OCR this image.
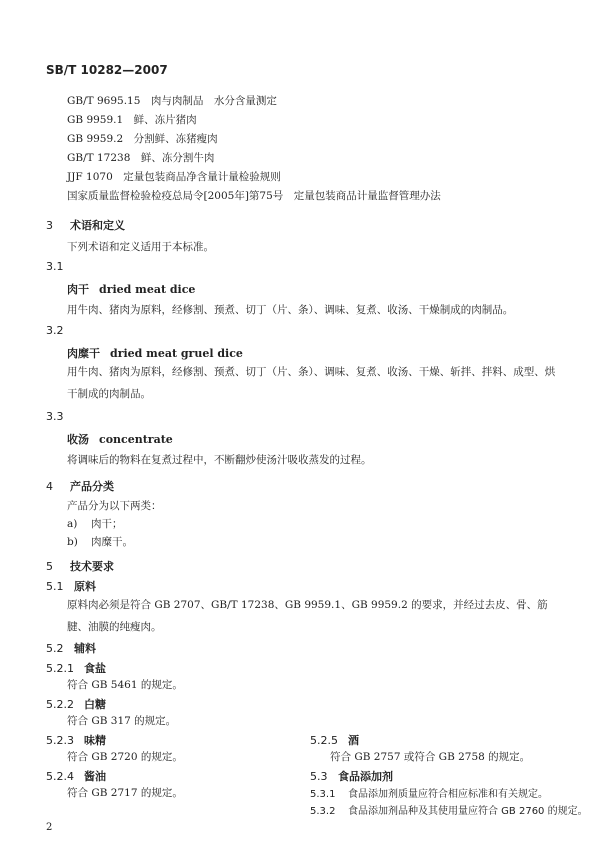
SB/T 10282—2007
GB/T 9695.15　肉与肉制品　水分含量测定
GB 9959.1　鲜、冻片猪肉
GB 9959.2　分割鲜、冻猪瘦肉
GB/T 17238　鲜、冻分割牛肉
JJF 1070　定量包装商品净含量计量检验规则
国家质量监督检验检疫总局令[2005年]第75号　定量包装商品计量监督管理办法
3 术语和定义
下列术语和定义适用于本标准。
3.1
肉干 dried meat dice
用牛肉、猪肉为原料，经修割、预煮、切丁（片、条）、调味、复煮、收汤、干燥制成的肉制品。
3.2
肉糜干 dried meat gruel dice
用牛肉、猪肉为原料，经修割、预煮、切丁（片、条）、调味、复煮、收汤、干燥、斩拌、拌料、成型、烘干制成的肉制品。
3.3
收汤 concentrate
将调味后的物料在复煮过程中，不断翻炒使汤汁吸收蒸发的过程。
4 产品分类
产品分为以下两类：
a) 肉干；
b) 肉糜干。
5 技术要求
5.1 原料
原料肉必须是符合 GB 2707、GB/T 17238、GB 9959.1、GB 9959.2 的要求，并经过去皮、骨、筋腱、油膜的纯瘦肉。
5.2 辅料
5.2.1 食盐
符合 GB 5461 的规定。
5.2.2 白糖
符合 GB 317 的规定。
5.2.3 味精
符合 GB 2720 的规定。
5.2.4 酱油
符合 GB 2717 的规定。
5.2.5 酒
符合 GB 2757 或符合 GB 2758 的规定。
5.3 食品添加剂
5.3.1 食品添加剂质量应符合相应标准和有关规定。
5.3.2 食品添加剂品种及其使用量应符合 GB 2760 的规定。
2
